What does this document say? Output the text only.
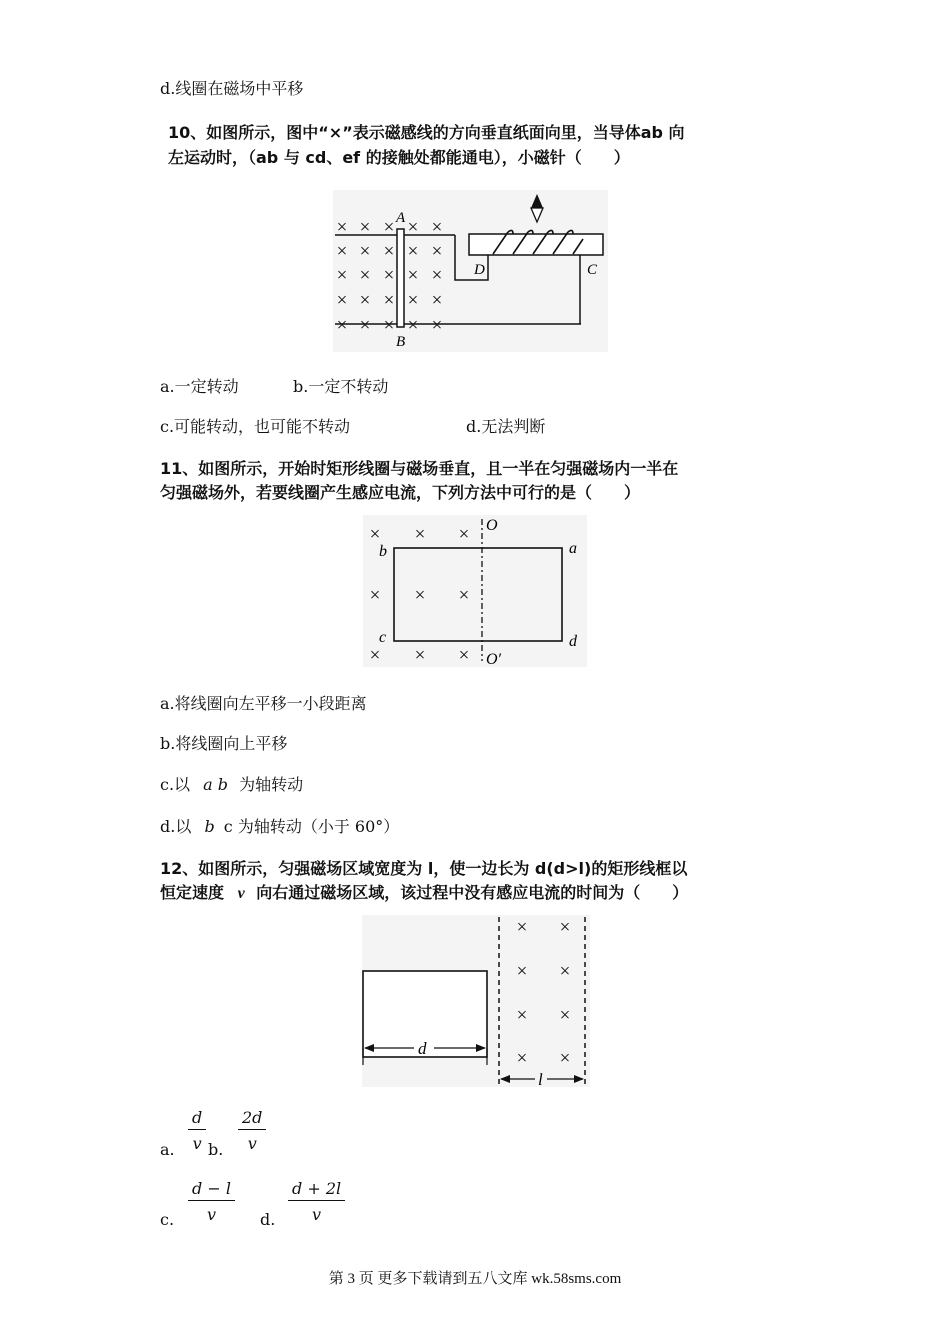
d.线圈在磁场中平移
10、如图所示，图中“×”表示磁感线的方向垂直纸面向里，当导体ab 向
左运动时，（ab 与 cd、ef 的接触处都能通电），小磁针（　　）
×
×
×
×
×
×
×
×
×
×
×
×
×
×
×
×
×
×
×
×
×
×
×
×
×
A
B
D	C
a.一定转动	b.一定不转动
c.可能转动，也可能不转动	d.无法判断
11、如图所示，开始时矩形线圈与磁场垂直，且一半在匀强磁场内一半在
匀强磁场外，若要线圈产生感应电流，下列方法中可行的是（　　）
×
×
×
×
×
×
×
×
×
O
O′
a
b
c	d
a.将线圈向左平移一小段距离
b.将线圈向上平移
c.以 a b 为轴转动
d.以 b c 为轴转动（小于 60°）
12、如图所示，匀强磁场区域宽度为 l，使一边长为 d(d>l)的矩形线框以
恒定速度 v 向右通过磁场区域，该过程中没有感应电流的时间为（　　）
×
×
×
×
×
×
×
×
d
l
a. $\frac{d}{v} b$. $\frac{2d}{v}$
c. $\frac{d - l}{v} d$. $\frac{d + 2l}{v}$
第 3 页 更多下载请到五八文库 wk.58sms.com
